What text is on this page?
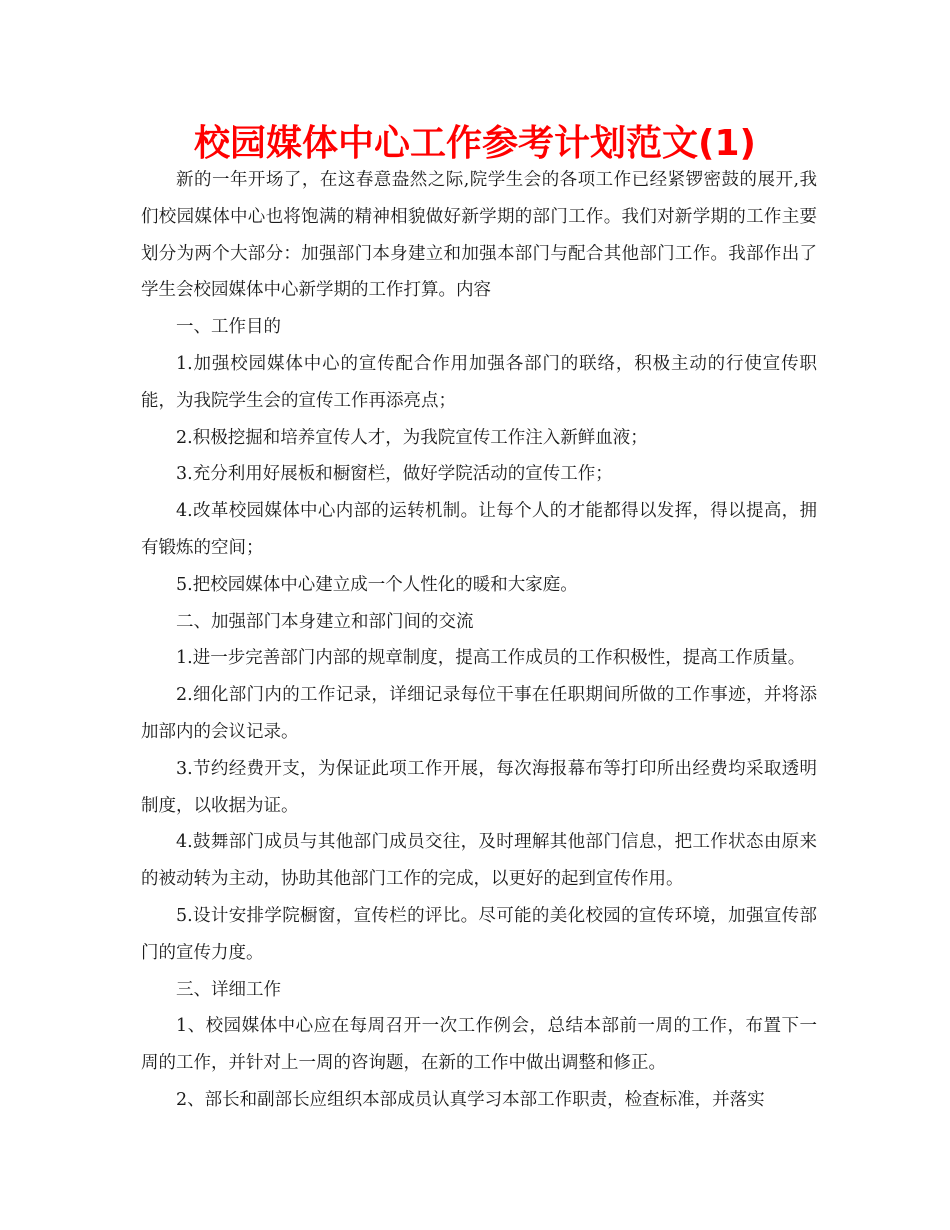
校园媒体中心工作参考计划范文(1)

新的一年开场了，在这春意盎然之际,院学生会的各项工作已经紧锣密鼓的展开,我们校园媒体中心也将饱满的精神相貌做好新学期的部门工作。我们对新学期的工作主要划分为两个大部分：加强部门本身建立和加强本部门与配合其他部门工作。我部作出了学生会校园媒体中心新学期的工作打算。内容

一、工作目的

1.加强校园媒体中心的宣传配合作用加强各部门的联络，积极主动的行使宣传职能，为我院学生会的宣传工作再添亮点；

2.积极挖掘和培养宣传人才，为我院宣传工作注入新鲜血液；

3.充分利用好展板和橱窗栏，做好学院活动的宣传工作；

4.改革校园媒体中心内部的运转机制。让每个人的才能都得以发挥，得以提高，拥有锻炼的空间；

5.把校园媒体中心建立成一个人性化的暖和大家庭。

二、加强部门本身建立和部门间的交流

1.进一步完善部门内部的规章制度，提高工作成员的工作积极性，提高工作质量。

2.细化部门内的工作记录，详细记录每位干事在任职期间所做的工作事迹，并将添加部内的会议记录。

3.节约经费开支，为保证此项工作开展，每次海报幕布等打印所出经费均采取透明制度，以收据为证。

4.鼓舞部门成员与其他部门成员交往，及时理解其他部门信息，把工作状态由原来的被动转为主动，协助其他部门工作的完成，以更好的起到宣传作用。

5.设计安排学院橱窗，宣传栏的评比。尽可能的美化校园的宣传环境，加强宣传部门的宣传力度。

三、详细工作

1、校园媒体中心应在每周召开一次工作例会，总结本部前一周的工作，布置下一周的工作，并针对上一周的咨询题，在新的工作中做出调整和修正。

2、部长和副部长应组织本部成员认真学习本部工作职责，检查标准，并落实
